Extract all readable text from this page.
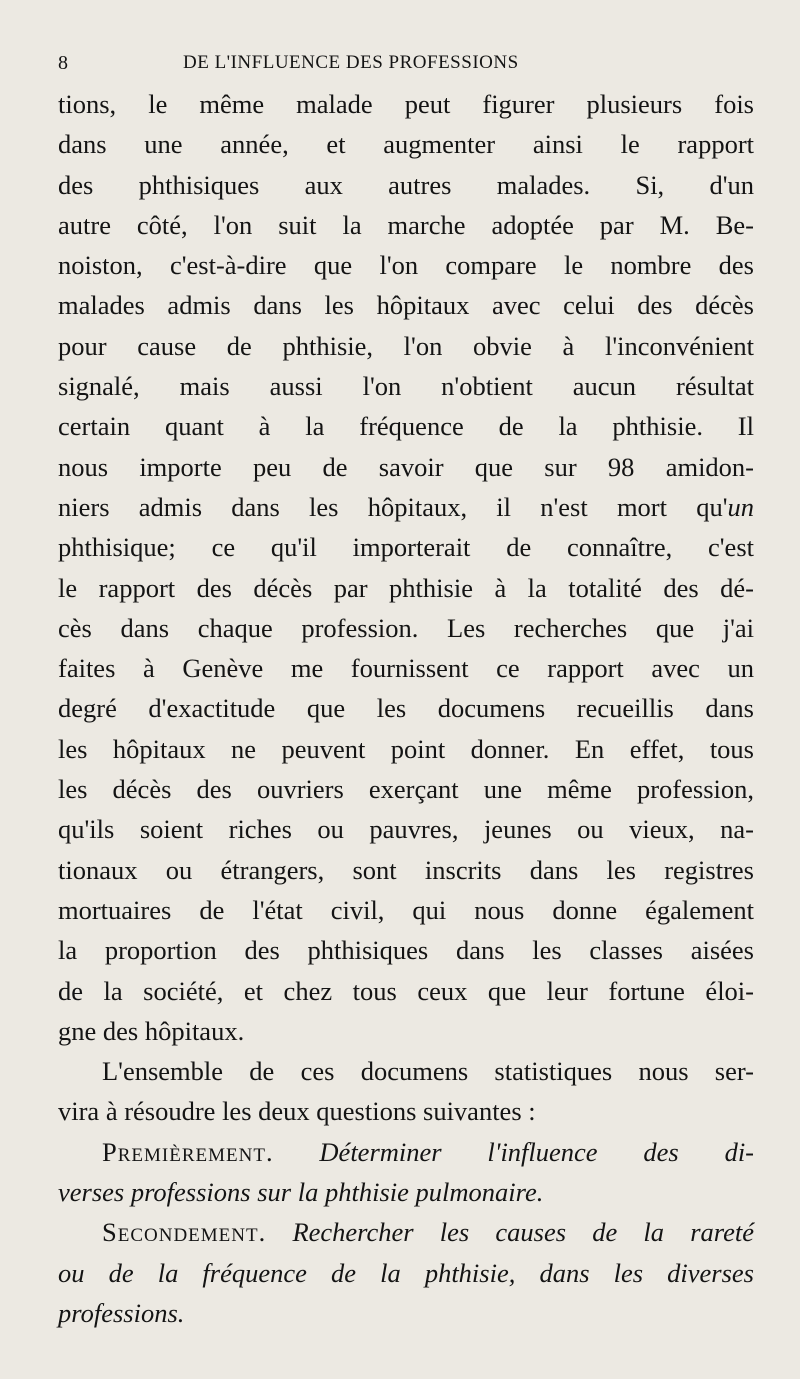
8	DE L'INFLUENCE DES PROFESSIONS
tions, le même malade peut figurer plusieurs fois
dans une année, et augmenter ainsi le rapport
des phthisiques aux autres malades. Si, d'un
autre côté, l'on suit la marche adoptée par M. Be-
noiston, c'est-à-dire que l'on compare le nombre des
malades admis dans les hôpitaux avec celui des décès
pour cause de phthisie, l'on obvie à l'inconvénient
signalé, mais aussi l'on n'obtient aucun résultat
certain quant à la fréquence de la phthisie. Il
nous importe peu de savoir que sur 98 amidon-
niers admis dans les hôpitaux, il n'est mort qu'un
phthisique; ce qu'il importerait de connaître, c'est
le rapport des décès par phthisie à la totalité des dé-
cès dans chaque profession. Les recherches que j'ai
faites à Genève me fournissent ce rapport avec un
degré d'exactitude que les documens recueillis dans
les hôpitaux ne peuvent point donner. En effet, tous
les décès des ouvriers exerçant une même profession,
qu'ils soient riches ou pauvres, jeunes ou vieux, na-
tionaux ou étrangers, sont inscrits dans les registres
mortuaires de l'état civil, qui nous donne également
la proportion des phthisiques dans les classes aisées
de la société, et chez tous ceux que leur fortune éloi-
gne des hôpitaux.
L'ensemble de ces documens statistiques nous ser-
vira à résoudre les deux questions suivantes :
Premièrement. Déterminer l'influence des di-
verses professions sur la phthisie pulmonaire.
Secondement. Rechercher les causes de la rareté
ou de la fréquence de la phthisie, dans les diverses
professions.
